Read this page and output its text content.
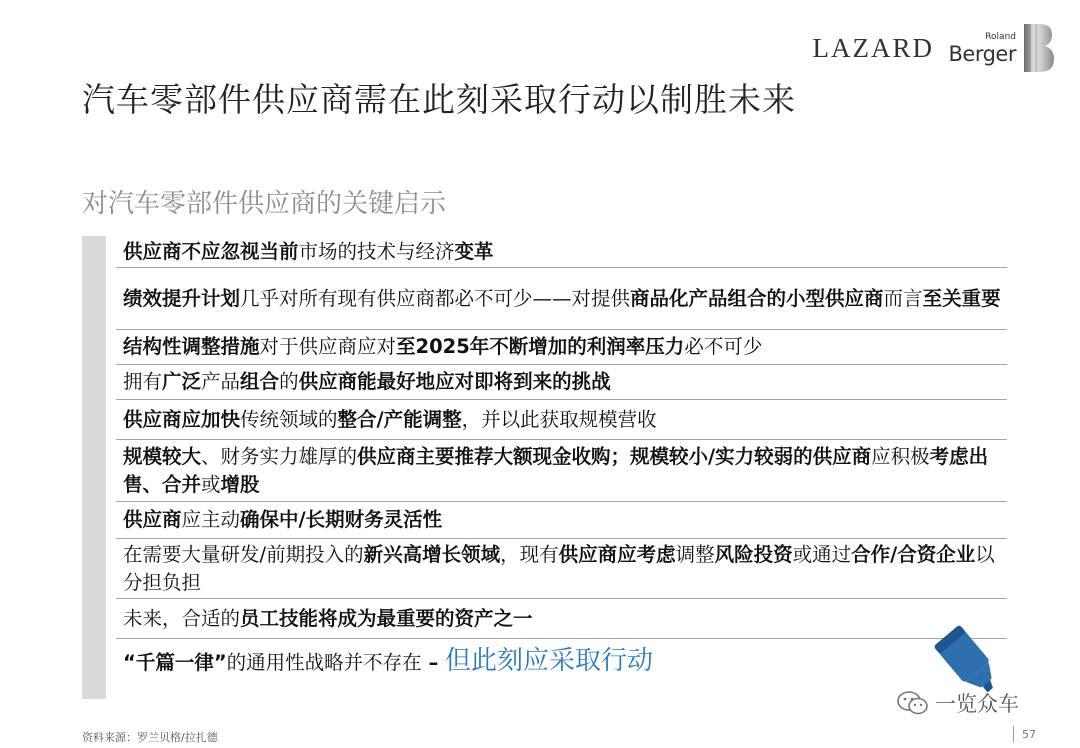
LAZARD	Roland
Berger
汽车零部件供应商需在此刻采取行动以制胜未来
对汽车零部件供应商的关键启示
供应商不应忽视当前市场的技术与经济变革
绩效提升计划几乎对所有现有供应商都必不可少——对提供商品化产品组合的小型供应商而言至关重要
结构性调整措施对于供应商应对至2025年不断增加的利润率压力必不可少
拥有广泛产品组合的供应商能最好地应对即将到来的挑战
供应商应加快传统领域的整合/产能调整，并以此获取规模营收
规模较大、财务实力雄厚的供应商主要推荐大额现金收购；规模较小/实力较弱的供应商应积极考虑出售、合并或增股
供应商应主动确保中/长期财务灵活性
在需要大量研发/前期投入的新兴高增长领域，现有供应商应考虑调整风险投资或通过合作/合资企业以分担负担
未来，合适的员工技能将成为最重要的资产之一
“千篇一律”的通用性战略并不存在 – 但此刻应采取行动
一览众车
资料来源：罗兰贝格/拉扎德	57
